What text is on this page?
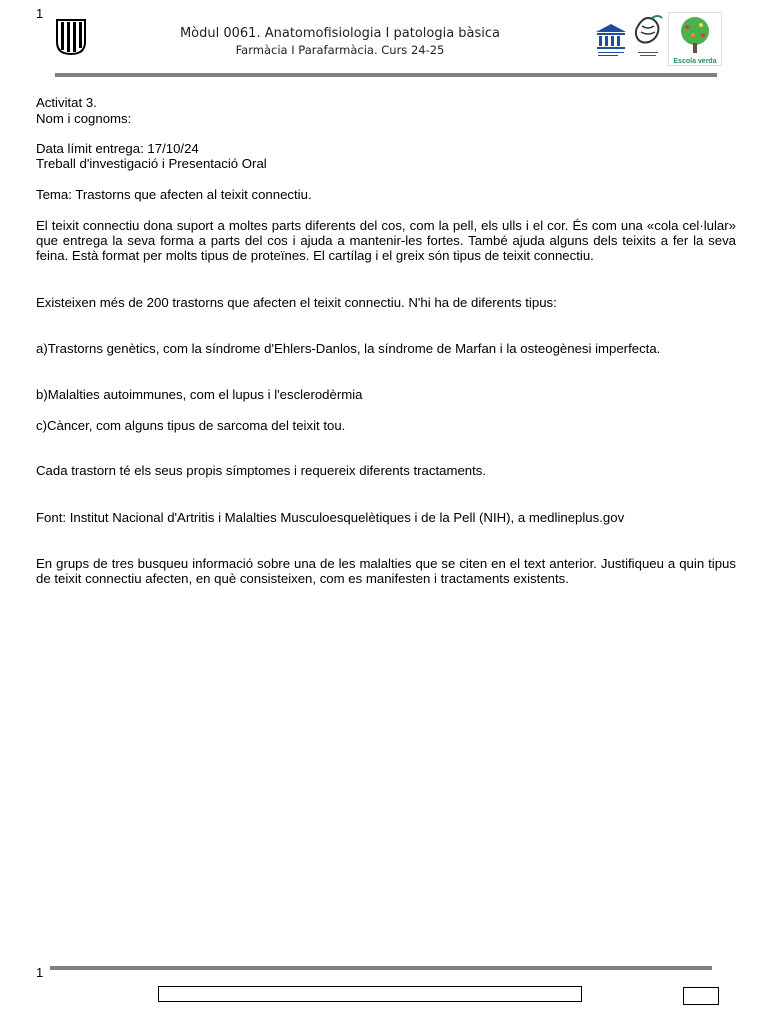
1
Mòdul 0061. Anatomofisiologia I patologia bàsica
Farmàcia I Parafarmàcia. Curs 24-25
Escola verda
Activitat 3.
Nom i cognoms:
Data límit entrega: 17/10/24
Treball d'investigació i Presentació Oral
Tema: Trastorns que afecten al teixit connectiu.
El teixit connectiu dona suport a moltes parts diferents del cos, com la pell, els ulls i el cor. És com una «cola cel·lular» que entrega la seva forma a parts del cos i ajuda a mantenir-les fortes. També ajuda alguns dels teixits a fer la seva feina. Està format per molts tipus de proteïnes. El cartílag i el greix són tipus de teixit connectiu.
Existeixen més de 200 trastorns que afecten el teixit connectiu. N'hi ha de diferents tipus:
a)Trastorns genètics, com la síndrome d'Ehlers-Danlos, la síndrome de Marfan i la osteogènesi imperfecta.
b)Malalties autoimmunes, com el lupus i l'esclerodèrmia
c)Càncer, com alguns tipus de sarcoma del teixit tou.
Cada trastorn té els seus propis símptomes i requereix diferents tractaments.
Font: Institut Nacional d'Artritis i Malalties Musculoesquelètiques i de la Pell (NIH), a medlineplus.gov
En grups de tres busqueu informació sobre una de les malalties que se citen en el text anterior. Justifiqueu a quin tipus de teixit connectiu afecten, en què consisteixen, com es manifesten i tractaments existents.
1
